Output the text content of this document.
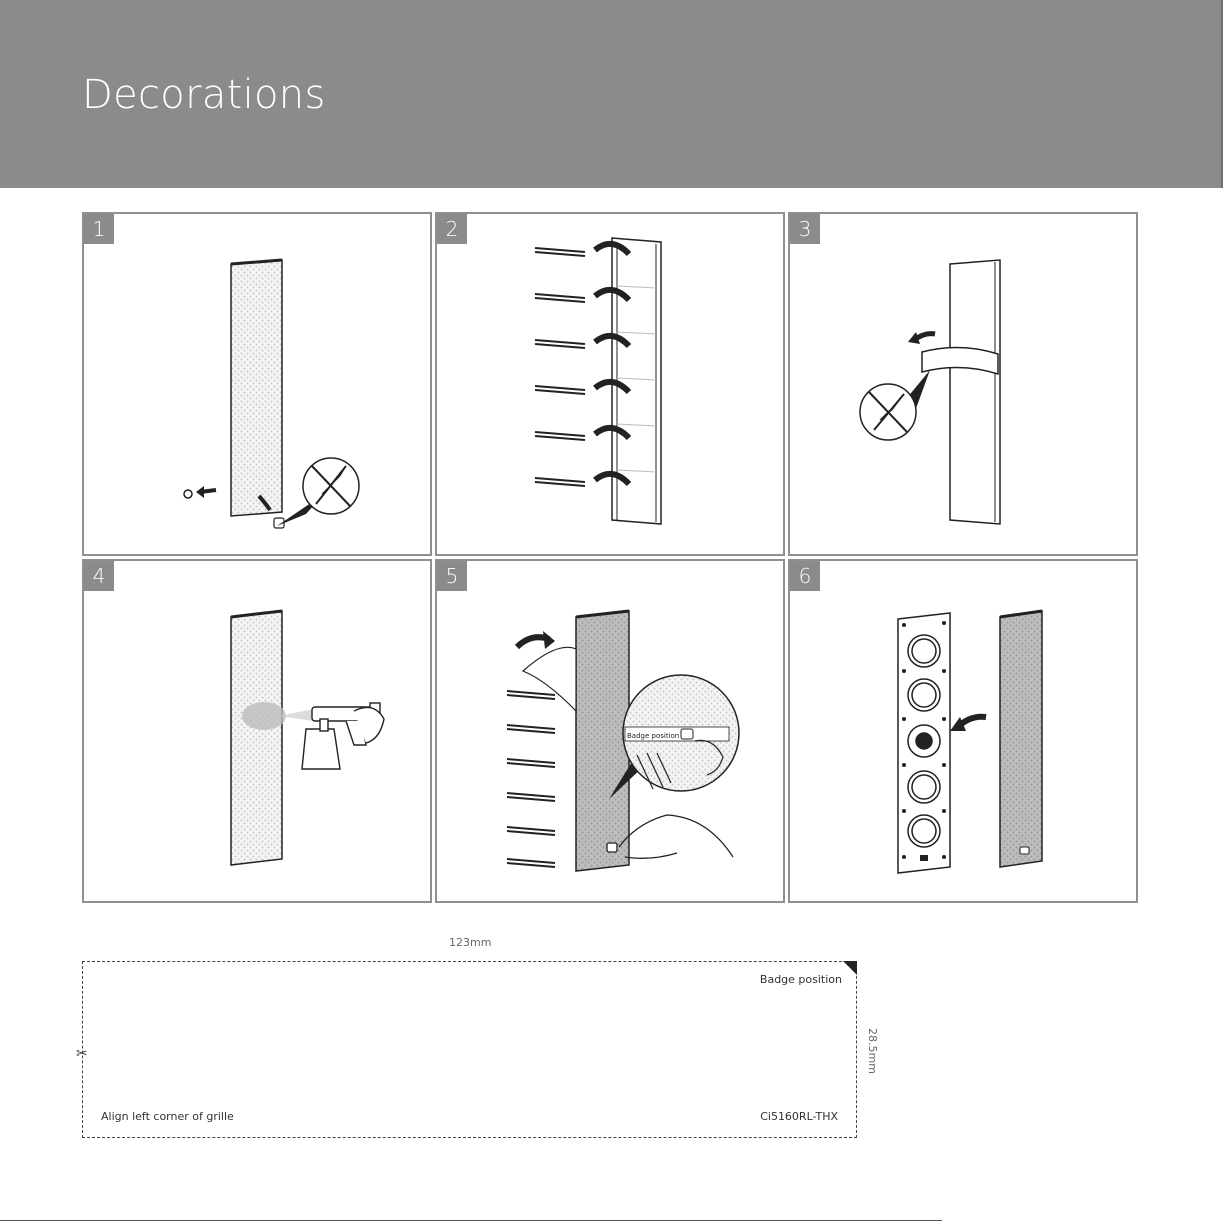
Decorations
1	2	3
4
Badge position
5	6
123mm
Badge position
Align left corner of grille	Ci5160RL-THX
28.5mm
✂
